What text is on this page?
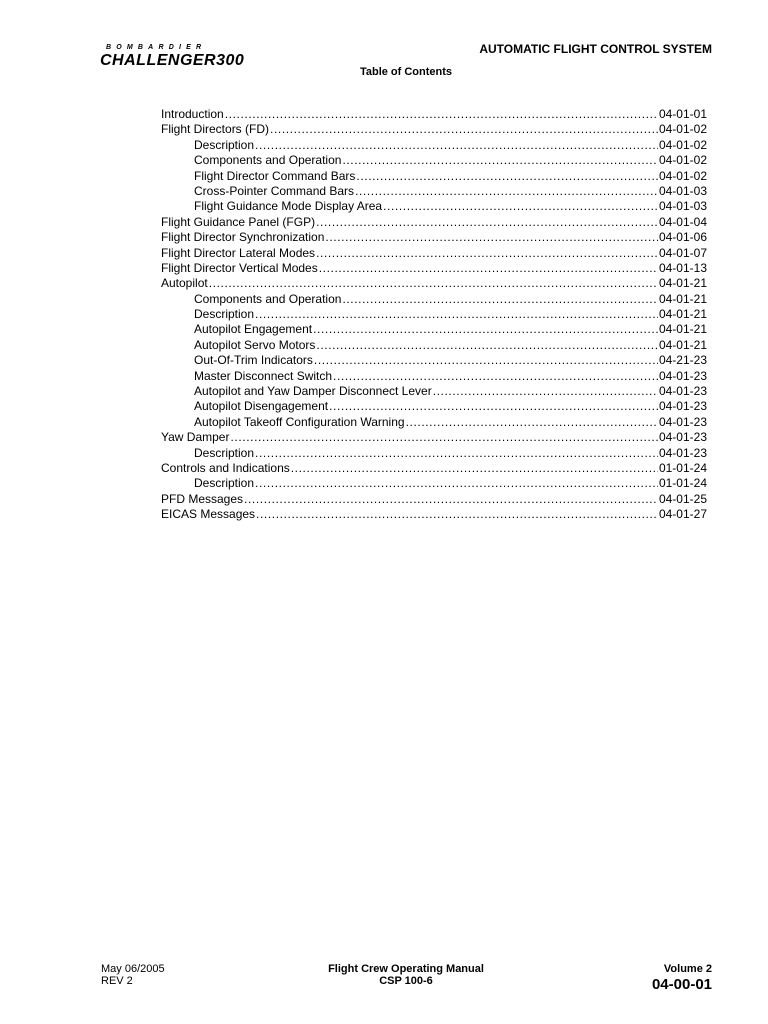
BOMBARDIER
CHALLENGER300
AUTOMATIC FLIGHT CONTROL SYSTEM
Table of Contents
Introduction .....	04-01-01
Flight Directors (FD) .....	04-01-02
Description .....	04-01-02
Components and Operation .....	04-01-02
Flight Director Command Bars .....	04-01-02
Cross-Pointer Command Bars .....	04-01-03
Flight Guidance Mode Display Area .....	04-01-03
Flight Guidance Panel (FGP) .....	04-01-04
Flight Director Synchronization .....	04-01-06
Flight Director Lateral Modes .....	04-01-07
Flight Director Vertical Modes .....	04-01-13
Autopilot .....	04-01-21
Components and Operation .....	04-01-21
Description .....	04-01-21
Autopilot Engagement .....	04-01-21
Autopilot Servo Motors .....	04-01-21
Out-Of-Trim Indicators .....	04-21-23
Master Disconnect Switch .....	04-01-23
Autopilot and Yaw Damper Disconnect Lever .....	04-01-23
Autopilot Disengagement .....	04-01-23
Autopilot Takeoff Configuration Warning .....	04-01-23
Yaw Damper .....	04-01-23
Description .....	04-01-23
Controls and Indications .....	01-01-24
Description .....	01-01-24
PFD Messages .....	04-01-25
EICAS Messages .....	04-01-27
May 06/2005
REV 2
Flight Crew Operating Manual
CSP 100-6
Volume 2
04-00-01
